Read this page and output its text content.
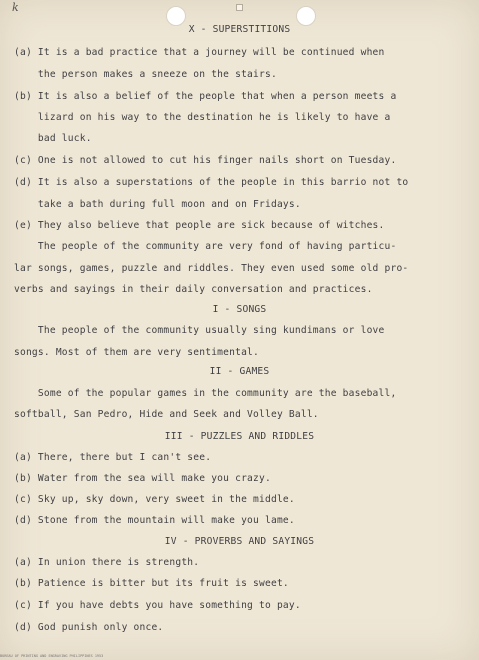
k
X - SUPERSTITIONS
(a) It is a bad practice that a journey will be continued when
the person makes a sneeze on the stairs.
(b) It is also a belief of the people that when a person meets a
lizard on his way to the destination he is likely to have a
bad luck.
(c) One is not allowed to cut his finger nails short on Tuesday.
(d) It is also a superstations of the people in this barrio not to
take a bath during full moon and on Fridays.
(e) They also believe that people are sick because of witches.
The people of the community are very fond of having particu-
lar songs, games, puzzle and riddles. They even used some old pro-
verbs and sayings in their daily conversation and practices.
I - SONGS
The people of the community usually sing kundimans or love
songs. Most of them are very sentimental.
II - GAMES
Some of the popular games in the community are the baseball,
softball, San Pedro, Hide and Seek and Volley Ball.
III - PUZZLES AND RIDDLES
(a) There, there but I can't see.
(b) Water from the sea will make you crazy.
(c) Sky up, sky down, very sweet in the middle.
(d) Stone from the mountain will make you lame.
IV - PROVERBS AND SAYINGS
(a) In union there is strength.
(b) Patience is bitter but its fruit is sweet.
(c) If you have debts you have something to pay.
(d) God punish only once.
BUREAU OF PRINTING AND ENGRAVING PHILIPPINES 1953
